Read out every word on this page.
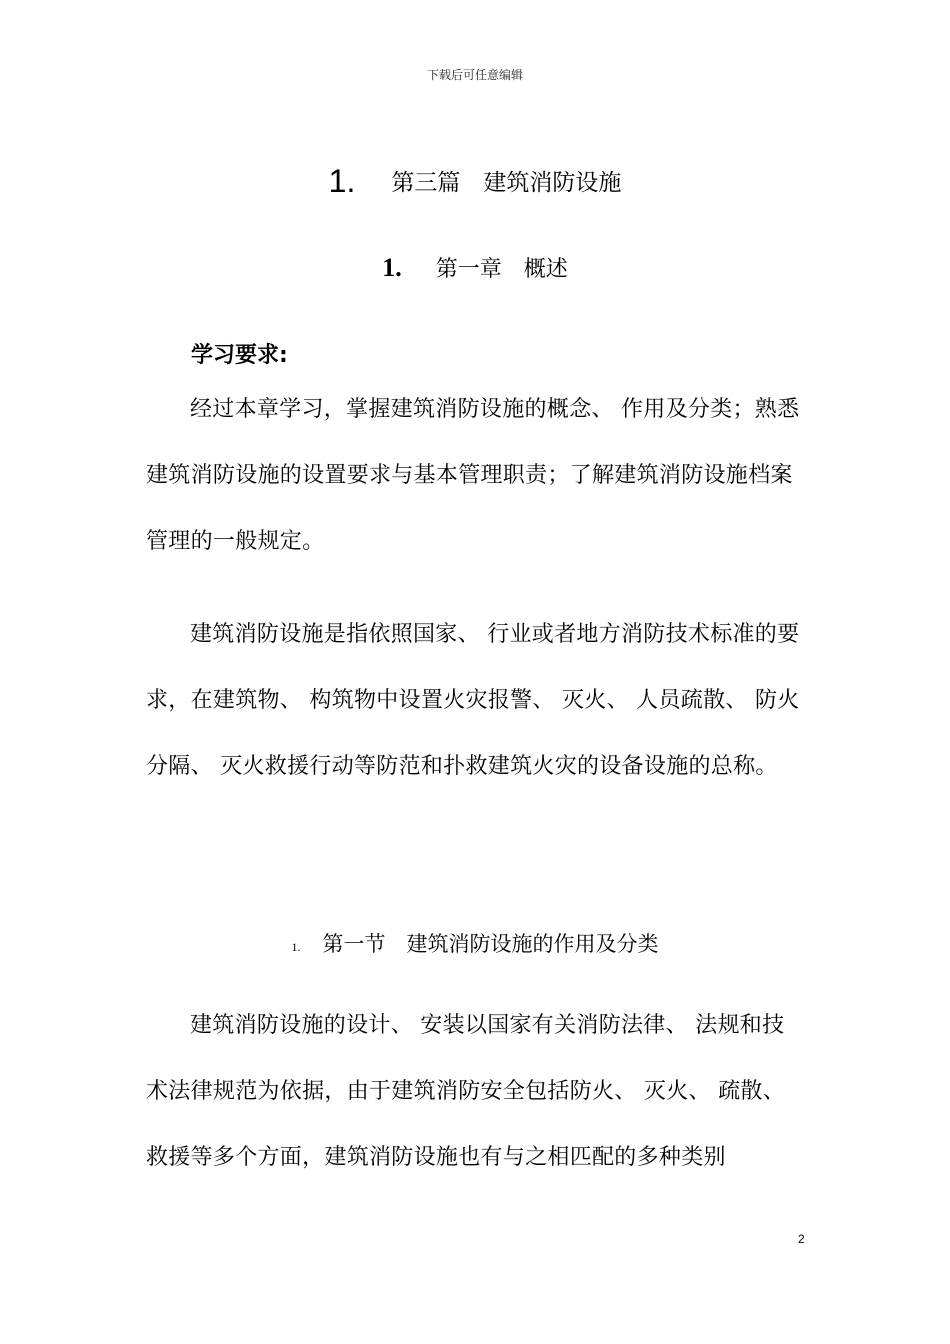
下载后可任意编辑
1. 第三篇　建筑消防设施
1. 第一章　概述
学习要求:

经过本章学习，掌握建筑消防设施的概念、 作用及分类；熟悉建筑消防设施的设置要求与基本管理职责；了解建筑消防设施档案管理的一般规定。

建筑消防设施是指依照国家、 行业或者地方消防技术标准的要求，在建筑物、 构筑物中设置火灾报警、 灭火、 人员疏散、 防火分隔、 灭火救援行动等防范和扑救建筑火灾的设备设施的总称。

1. 第一节　建筑消防设施的作用及分类

建筑消防设施的设计、 安装以国家有关消防法律、 法规和技术法律规范为依据，由于建筑消防安全包括防火、 灭火、 疏散、 救援等多个方面，建筑消防设施也有与之相匹配的多种类别

2
